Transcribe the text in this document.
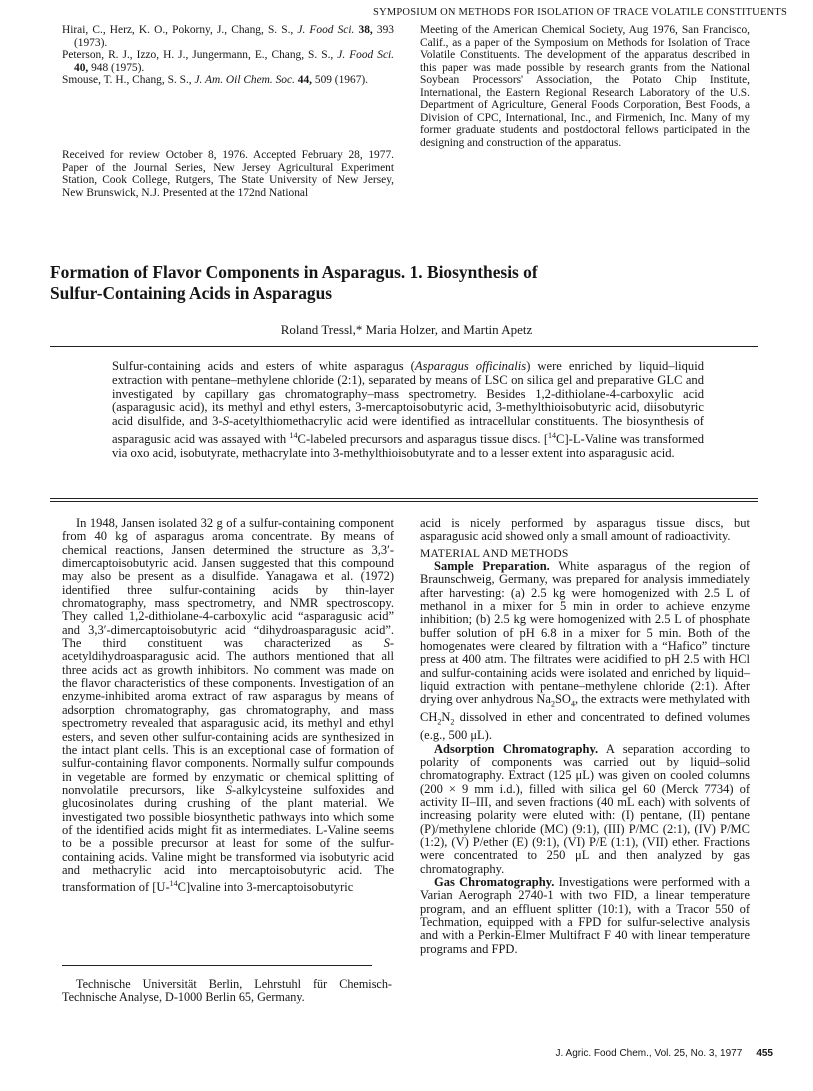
SYMPOSIUM ON METHODS FOR ISOLATION OF TRACE VOLATILE CONSTITUENTS

Hirai, C., Herz, K. O., Pokorny, J., Chang, S. S., J. Food Sci. 38, 393 (1973).

Peterson, R. J., Izzo, H. J., Jungermann, E., Chang, S. S., J. Food Sci. 40, 948 (1975).

Smouse, T. H., Chang, S. S., J. Am. Oil Chem. Soc. 44, 509 (1967).

Received for review October 8, 1976. Accepted February 28, 1977. Paper of the Journal Series, New Jersey Agricultural Experiment Station, Cook College, Rutgers, The State University of New Jersey, New Brunswick, N.J. Presented at the 172nd National
Meeting of the American Chemical Society, Aug 1976, San Francisco, Calif., as a paper of the Symposium on Methods for Isolation of Trace Volatile Constituents. The development of the apparatus described in this paper was made possible by research grants from the National Soybean Processors' Association, the Potato Chip Institute, International, the Eastern Regional Research Laboratory of the U.S. Department of Agriculture, General Foods Corporation, Best Foods, a Division of CPC, International, Inc., and Firmenich, Inc. Many of my former graduate students and postdoctoral fellows participated in the designing and construction of the apparatus.
Formation of Flavor Components in Asparagus. 1. Biosynthesis of
Sulfur-Containing Acids in Asparagus
Roland Tressl,* Maria Holzer, and Martin Apetz
Sulfur-containing acids and esters of white asparagus (Asparagus officinalis) were enriched by liquid–liquid extraction with pentane–methylene chloride (2:1), separated by means of LSC on silica gel and preparative GLC and investigated by capillary gas chromatography–mass spectrometry. Besides 1,2-dithiolane-4-carboxylic acid (asparagusic acid), its methyl and ethyl esters, 3-mercaptoisobutyric acid, 3-methylthioisobutyric acid, diisobutyric acid disulfide, and 3-S-acetylthiomethacrylic acid were identified as intracellular constituents. The biosynthesis of asparagusic acid was assayed with $^{14}$C-labeled precursors and asparagus tissue discs. [$^{14}$C]-L-Valine was transformed via oxo acid, isobutyrate, methacrylate into 3-methylthioisobutyrate and to a lesser extent into asparagusic acid.

In 1948, Jansen isolated 32 g of a sulfur-containing component from 40 kg of asparagus aroma concentrate. By means of chemical reactions, Jansen determined the structure as 3,3′-dimercaptoisobutyric acid. Jansen suggested that this compound may also be present as a disulfide. Yanagawa et al. (1972) identified three sulfur-containing acids by thin-layer chromatography, mass spectrometry, and NMR spectroscopy. They called 1,2-dithiolane-4-carboxylic acid “asparagusic acid” and 3,3′-dimercaptoisobutyric acid “dihydroasparagusic acid”. The third constituent was characterized as S-acetyldihydroasparagusic acid. The authors mentioned that all three acids act as growth inhibitors. No comment was made on the flavor characteristics of these components. Investigation of an enzyme-inhibited aroma extract of raw asparagus by means of adsorption chromatography, gas chromatography, and mass spectrometry revealed that asparagusic acid, its methyl and ethyl esters, and seven other sulfur-containing acids are synthesized in the intact plant cells. This is an exceptional case of formation of sulfur-containing flavor components. Normally sulfur compounds in vegetable are formed by enzymatic or chemical splitting of nonvolatile precursors, like S-alkylcysteine sulfoxides and glucosinolates during crushing of the plant material. We investigated two possible biosynthetic pathways into which some of the identified acids might fit as intermediates. L-Valine seems to be a possible precursor at least for some of the sulfur-containing acids. Valine might be transformed via isobutyric acid and methacrylic acid into mercaptoisobutyric acid. The transformation of [U-$^{14}$C]valine into 3-mercaptoisobutyric

Technische Universität Berlin, Lehrstuhl für Chemisch-Technische Analyse, D-1000 Berlin 65, Germany.

acid is nicely performed by asparagus tissue discs, but asparagusic acid showed only a small amount of radioactivity.

MATERIAL AND METHODS

Sample Preparation. White asparagus of the region of Braunschweig, Germany, was prepared for analysis immediately after harvesting: (a) 2.5 kg were homogenized with 2.5 L of methanol in a mixer for 5 min in order to achieve enzyme inhibition; (b) 2.5 kg were homogenized with 2.5 L of phosphate buffer solution of pH 6.8 in a mixer for 5 min. Both of the homogenates were cleared by filtration with a “Hafico” tincture press at 400 atm. The filtrates were acidified to pH 2.5 with HCl and sulfur-containing acids were isolated and enriched by liquid–liquid extraction with pentane–methylene chloride (2:1). After drying over anhydrous $Na_2SO_4$, the extracts were methylated with $CH_2N_2$ dissolved in ether and concentrated to defined volumes (e.g., 500 μL).

Adsorption Chromatography. A separation according to polarity of components was carried out by liquid–solid chromatography. Extract (125 μL) was given on cooled columns (200 × 9 mm i.d.), filled with silica gel 60 (Merck 7734) of activity II–III, and seven fractions (40 mL each) with solvents of increasing polarity were eluted with: (I) pentane, (II) pentane (P)/methylene chloride (MC) (9:1), (III) P/MC (2:1), (IV) P/MC (1:2), (V) P/ether (E) (9:1), (VI) P/E (1:1), (VII) ether. Fractions were concentrated to 250 μL and then analyzed by gas chromatography.

Gas Chromatography. Investigations were performed with a Varian Aerograph 2740-1 with two FID, a linear temperature program, and an effluent splitter (10:1), with a Tracor 550 of Techmation, equipped with a FPD for sulfur-selective analysis and with a Perkin-Elmer Multifract F 40 with linear temperature programs and FPD.

J. Agric. Food Chem., Vol. 25, No. 3, 1977 455
